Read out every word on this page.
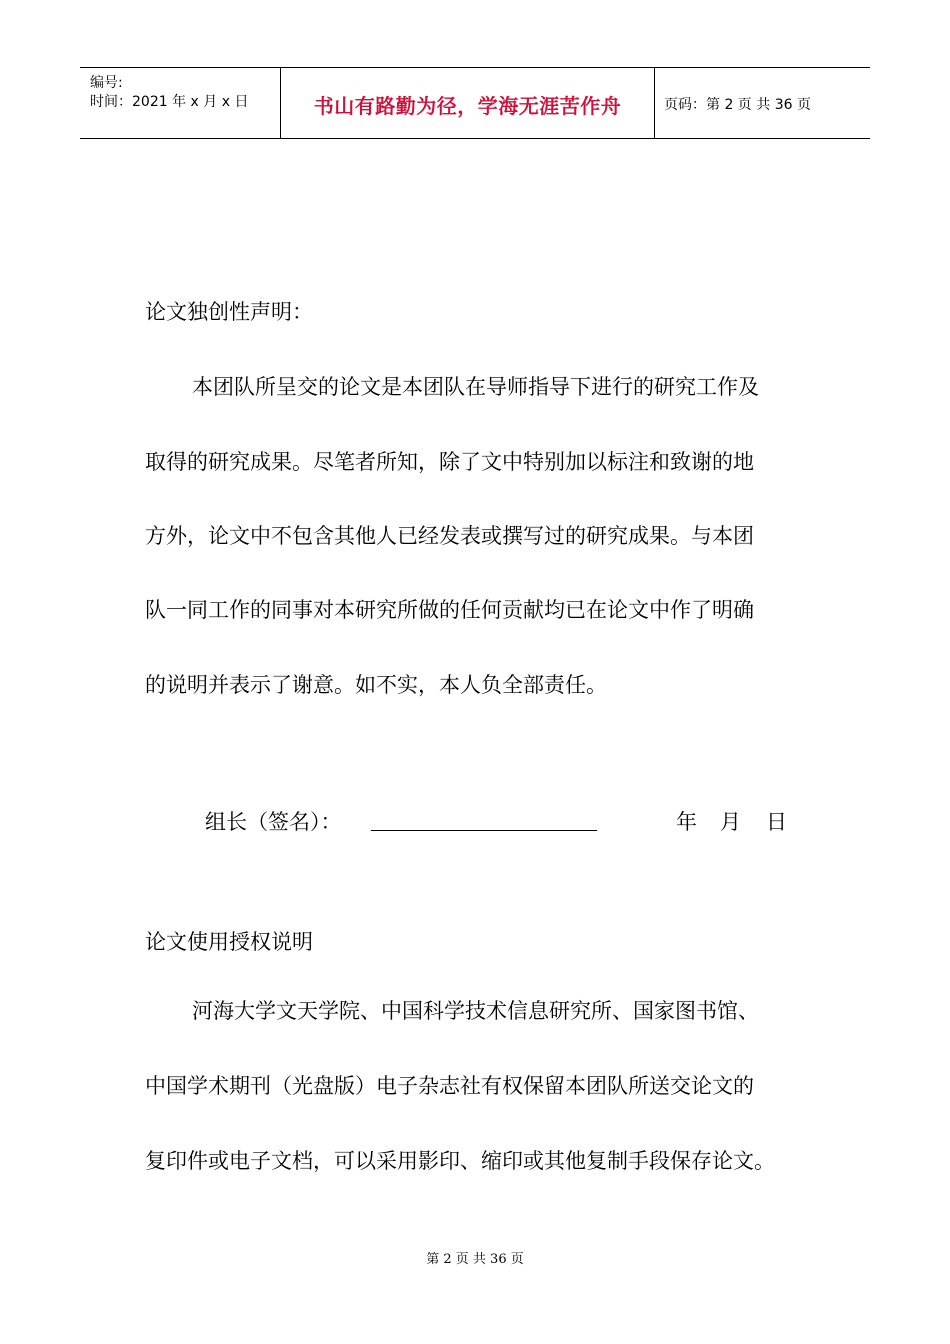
编号:
时间：2021 年 x 月 x 日	书山有路勤为径，学海无涯苦作舟	页码：第 2 页 共 36 页
论文独创性声明：
本团队所呈交的论文是本团队在导师指导下进行的研究工作及
取得的研究成果。尽笔者所知，除了文中特别加以标注和致谢的地
方外，论文中不包含其他人已经发表或撰写过的研究成果。与本团
队一同工作的同事对本研究所做的任何贡献均已在论文中作了明确
的说明并表示了谢意。如不实，本人负全部责任。
组长（签名）：	年 月 日
论文使用授权说明
河海大学文天学院、中国科学技术信息研究所、国家图书馆、
中国学术期刊（光盘版）电子杂志社有权保留本团队所送交论文的
复印件或电子文档，可以采用影印、缩印或其他复制手段保存论文。
第 2 页 共 36 页
